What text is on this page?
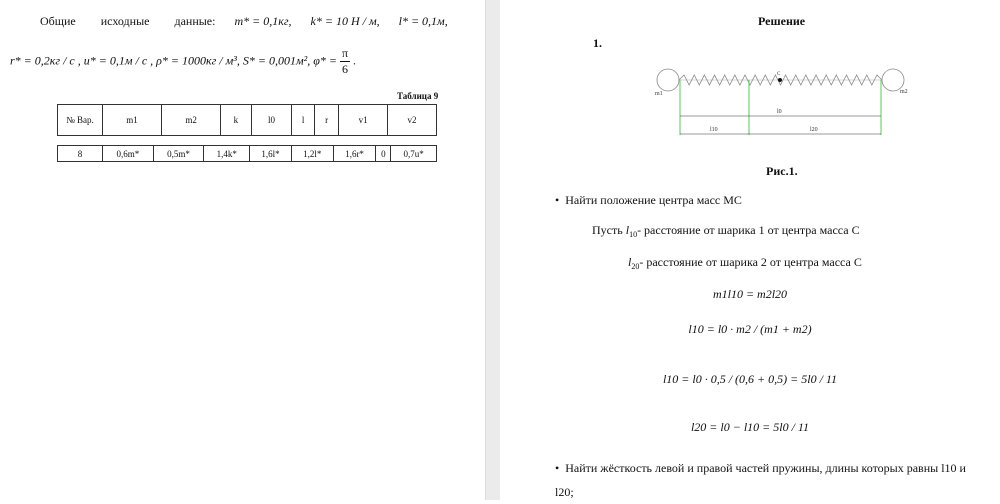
Общие исходные данные: m* = 0,1кг, k* = 10 Н / м, l* = 0,1м,
r* = 0,2кг / с , u* = 0,1м / с , ρ* = 1000кг / м³, S* = 0,001м², $\varphi* = \frac{\pi}{6}$ .
Таблица 9
№ Вар.	m1	m2	k	l0	l	r	v1	v2
8	0,6m*	0,5m*	1,4k*	1,6l*	1,2l*	1,6r*	0	0,7u*
Решение
1.
m1	m2
C
l0
l10	l20
Рис.1.
•  Найти положение центра масс МС
Пусть $l_{10}-$ расстояние от шарика 1 от центра масса С
$l_{20}-$ расстояние от шарика 2 от центра масса С
m1l10 = m2l20
l10 = l0 · m2 / (m1 + m2)
l10 = l0 · 0,5 / (0,6 + 0,5) = 5l0 / 11
l20 = l0 − l10 = 5l0 / 11
•  Найти жёсткость левой и правой частей пружины, длины которых равны l10 и l20;
